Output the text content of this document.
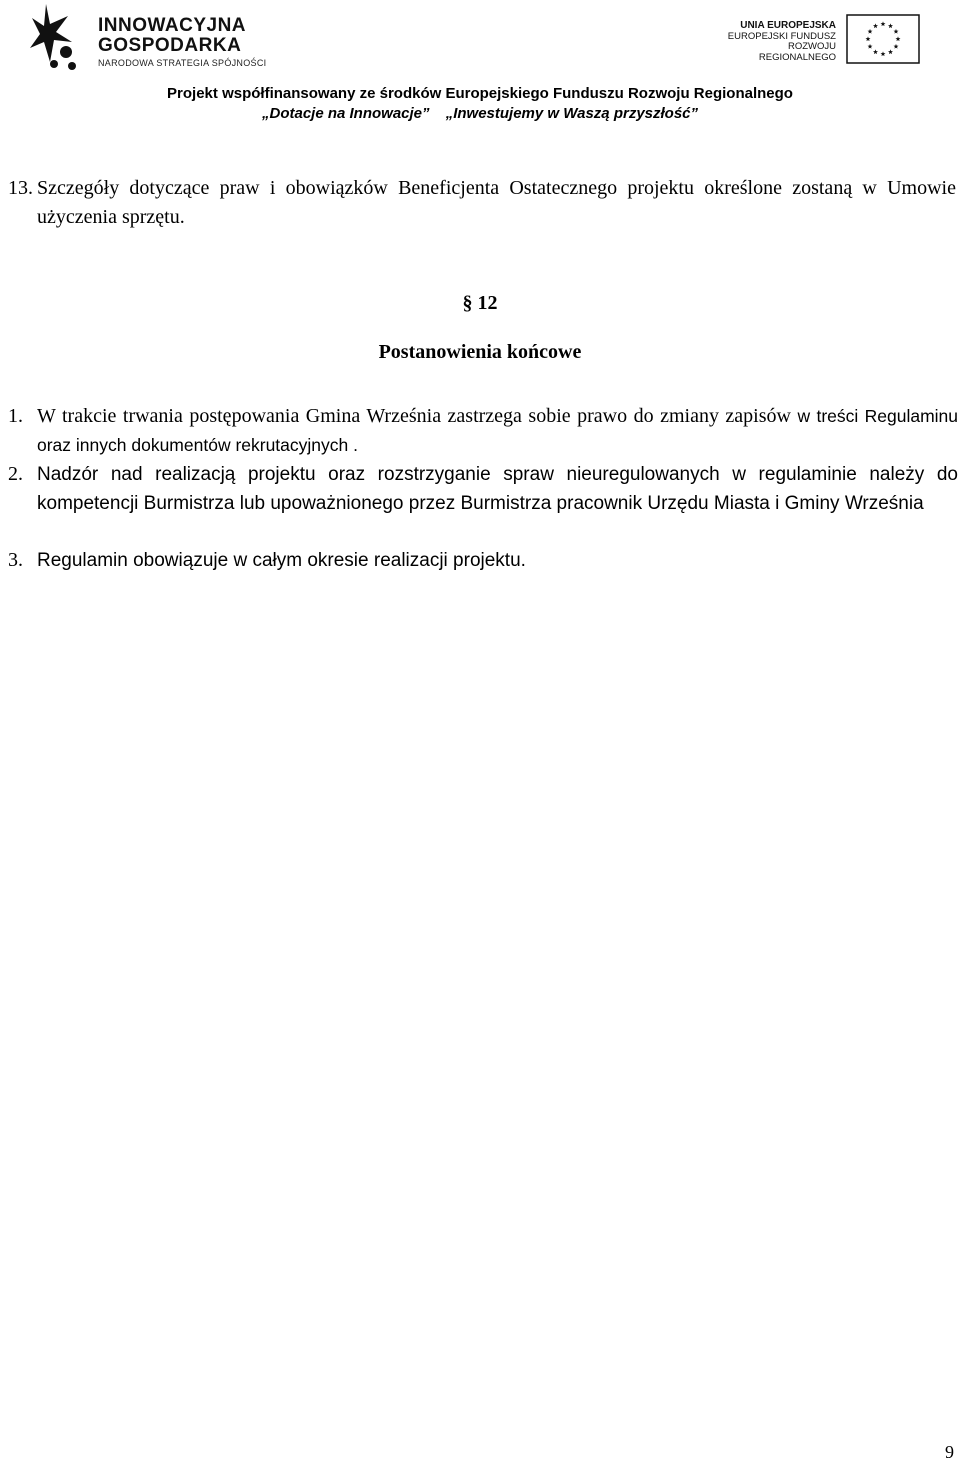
INNOWACYJNA
GOSPODARKA
NARODOWA STRATEGIA SPÓJNOŚCI
UNIA EUROPEJSKA
EUROPEJSKI FUNDUSZ
ROZWOJU REGIONALNEGO
Projekt współfinansowany ze środków Europejskiego Funduszu Rozwoju Regionalnego
„Dotacje na Innowacje” „Inwestujemy w Waszą przyszłość”
13. Szczegóły dotyczące praw i obowiązków Beneficjenta Ostatecznego projektu określone zostaną w Umowie użyczenia sprzętu.
§ 12
Postanowienia końcowe
1. W trakcie trwania postępowania Gmina Września zastrzega sobie prawo do zmiany zapisów w treści Regulaminu oraz innych dokumentów rekrutacyjnych .
2. Nadzór nad realizacją projektu oraz rozstrzyganie spraw nieuregulowanych w regulaminie należy do kompetencji Burmistrza lub upoważnionego przez Burmistrza pracownik Urzędu Miasta i Gminy Września
3. Regulamin obowiązuje w całym okresie realizacji projektu.
9
